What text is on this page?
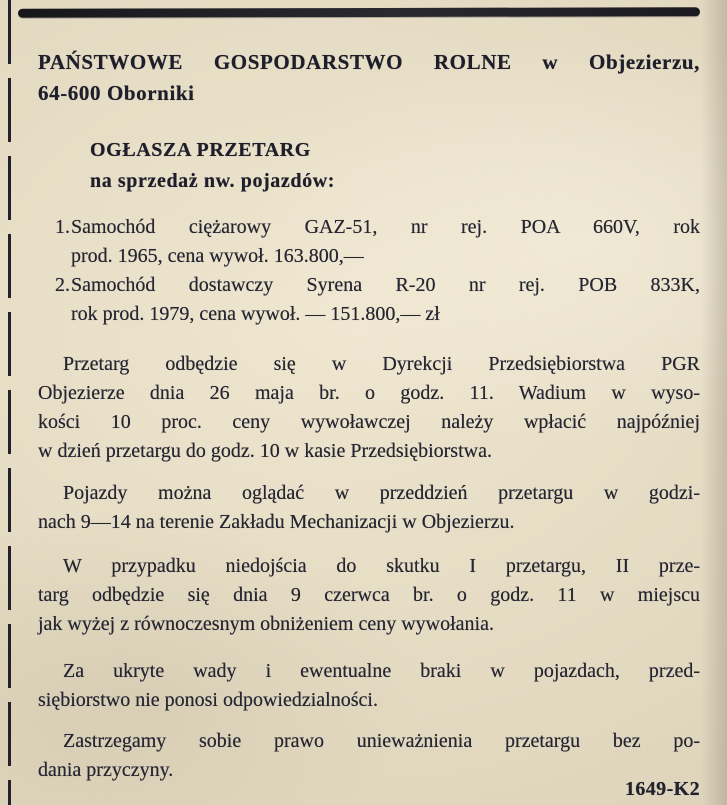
PAŃSTWOWE GOSPODARSTWO ROLNE w Objezierzu,
64-600 Oborniki
OGŁASZA PRZETARG
na sprzedaż nw. pojazdów:
1. Samochód ciężarowy GAZ-51, nr rej. POA 660V, rok
prod. 1965, cena wywoł. 163.800,—
2. Samochód dostawczy Syrena R-20 nr rej. POB 833K,
rok prod. 1979, cena wywoł. — 151.800,— zł
Przetarg odbędzie się w Dyrekcji Przedsiębiorstwa PGR
Objezierze dnia 26 maja br. o godz. 11. Wadium w wyso-
kości 10 proc. ceny wywoławczej należy wpłacić najpóźniej
w dzień przetargu do godz. 10 w kasie Przedsiębiorstwa.
Pojazdy można oglądać w przeddzień przetargu w godzi-
nach 9—14 na terenie Zakładu Mechanizacji w Objezierzu.
W przypadku niedojścia do skutku I przetargu, II prze-
targ odbędzie się dnia 9 czerwca br. o godz. 11 w miejscu
jak wyżej z równoczesnym obniżeniem ceny wywołania.
Za ukryte wady i ewentualne braki w pojazdach, przed-
siębiorstwo nie ponosi odpowiedzialności.
Zastrzegamy sobie prawo unieważnienia przetargu bez po-
dania przyczyny.
1649-K2
